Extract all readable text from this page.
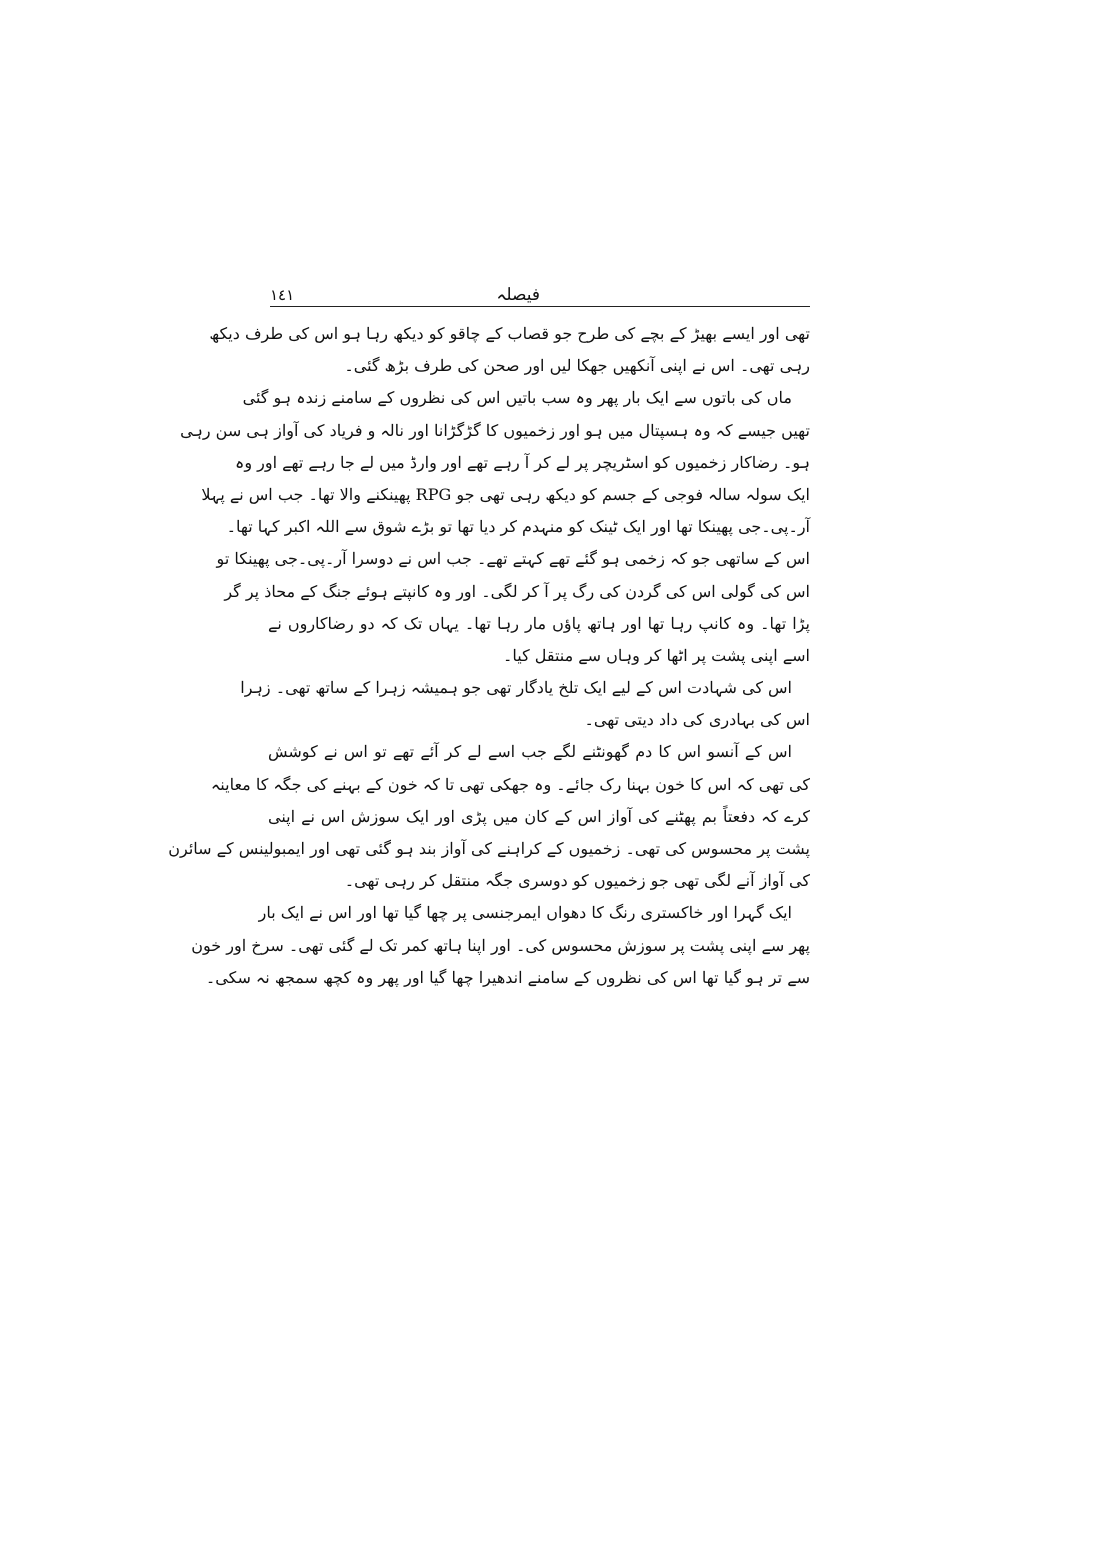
فیصلہ
١٤١
تھی اور ایسے بھیڑ کے بچے کی طرح جو قصاب کے چاقو کو دیکھ رہا ہو اس کی طرف دیکھ
رہی تھی۔ اس نے اپنی آنکھیں جھکا لیں اور صحن کی طرف بڑھ گئی۔
ماں کی باتوں سے ایک بار پھر وہ سب باتیں اس کی نظروں کے سامنے زندہ ہو گئی
تھیں جیسے کہ وہ ہسپتال میں ہو اور زخمیوں کا گڑگڑانا اور نالہ و فریاد کی آواز ہی سن رہی
ہو۔ رضاکار زخمیوں کو اسٹریچر پر لے کر آ رہے تھے اور وارڈ میں لے جا رہے تھے اور وہ
ایک سولہ سالہ فوجی کے جسم کو دیکھ رہی تھی جو RPG پھینکنے والا تھا۔ جب اس نے پہلا
آر۔پی۔جی پھینکا تھا اور ایک ٹینک کو منہدم کر دیا تھا تو بڑے شوق سے اللہ اکبر کہا تھا۔
اس کے ساتھی جو کہ زخمی ہو گئے تھے کہتے تھے۔ جب اس نے دوسرا آر۔پی۔جی پھینکا تو
اس کی گولی اس کی گردن کی رگ پر آ کر لگی۔ اور وہ کانپتے ہوئے جنگ کے محاذ پر گر
پڑا تھا۔ وہ کانپ رہا تھا اور ہاتھ پاؤں مار رہا تھا۔ یہاں تک کہ دو رضاکاروں نے
اسے اپنی پشت پر اٹھا کر وہاں سے منتقل کیا۔
اس کی شہادت اس کے لیے ایک تلخ یادگار تھی جو ہمیشہ زہرا کے ساتھ تھی۔ زہرا
اس کی بہادری کی داد دیتی تھی۔
اس کے آنسو اس کا دم گھونٹنے لگے جب اسے لے کر آئے تھے تو اس نے کوشش
کی تھی کہ اس کا خون بہنا رک جائے۔ وہ جھکی تھی تا کہ خون کے بہنے کی جگہ کا معاینہ
کرے کہ دفعتاً بم پھٹنے کی آواز اس کے کان میں پڑی اور ایک سوزش اس نے اپنی
پشت پر محسوس کی تھی۔ زخمیوں کے کراہنے کی آواز بند ہو گئی تھی اور ایمبولینس کے سائرن
کی آواز آنے لگی تھی جو زخمیوں کو دوسری جگہ منتقل کر رہی تھی۔
ایک گہرا اور خاکستری رنگ کا دھواں ایمرجنسی پر چھا گیا تھا اور اس نے ایک بار
پھر سے اپنی پشت پر سوزش محسوس کی۔ اور اپنا ہاتھ کمر تک لے گئی تھی۔ سرخ اور خون
سے تر ہو گیا تھا اس کی نظروں کے سامنے اندھیرا چھا گیا اور پھر وہ کچھ سمجھ نہ سکی۔
